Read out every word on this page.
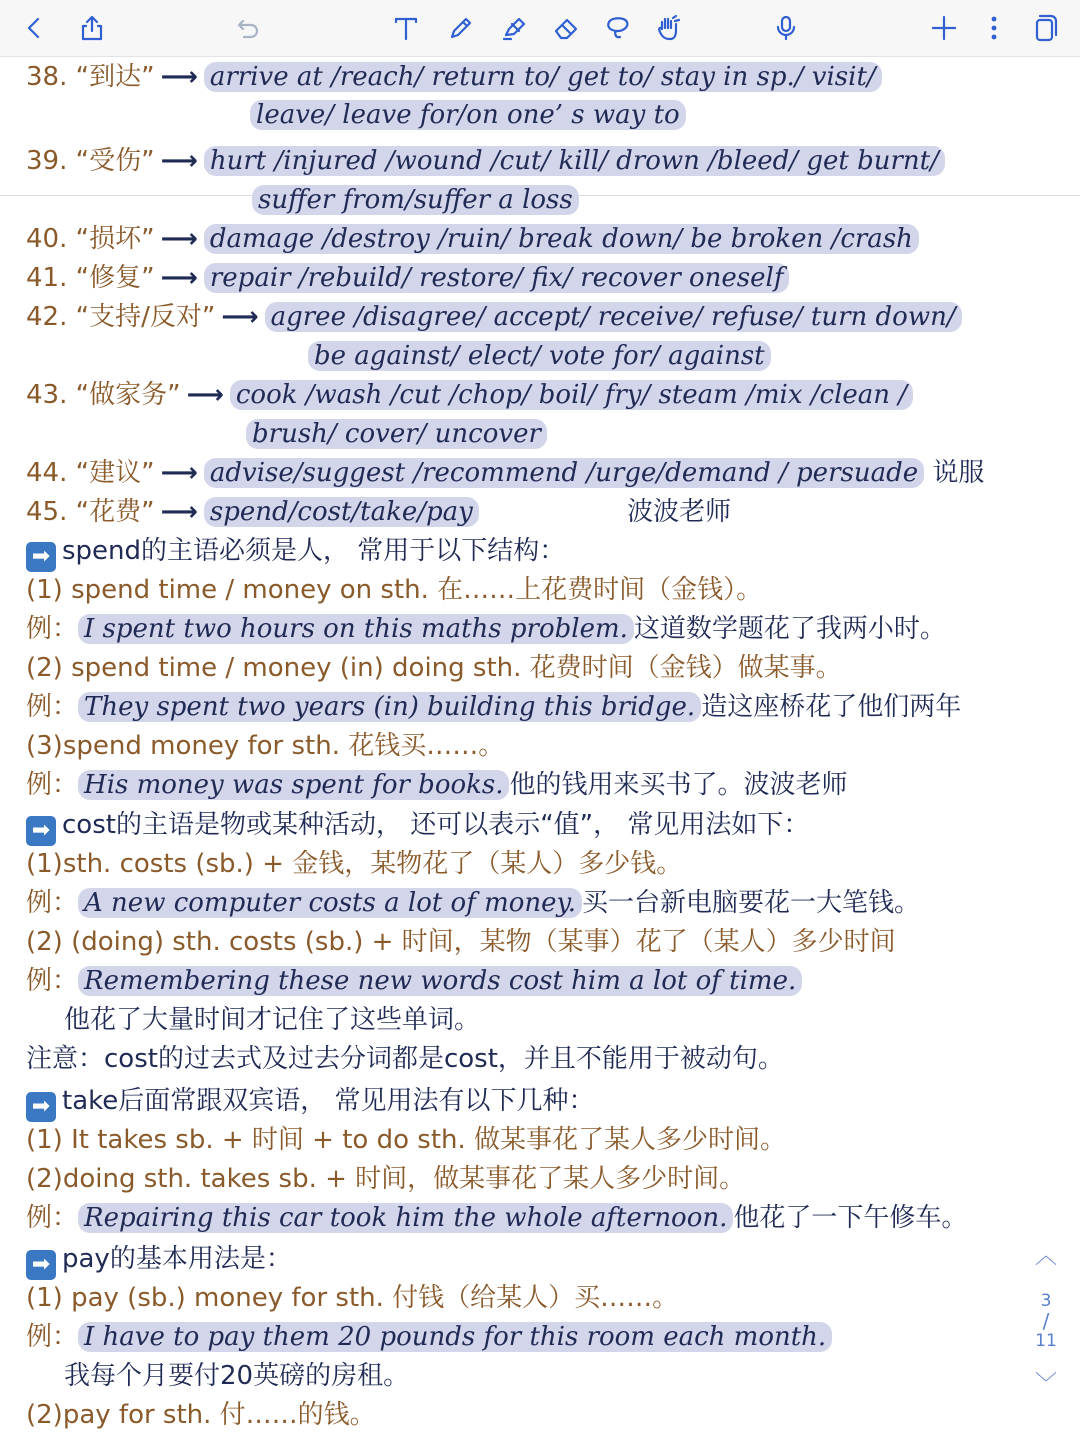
38. “到达” ⟶ arrive at /reach/ return to/ get to/ stay in sp./ visit/
leave/ leave for/on one’ s way to
39. “受伤” ⟶ hurt /injured /wound /cut/ kill/ drown /bleed/ get burnt/
suffer from/suffer a loss
40. “损坏” ⟶ damage /destroy /ruin/ break down/ be broken /crash
41. “修复” ⟶ repair /rebuild/ restore/ fix/ recover oneself
42. “支持/反对” ⟶ agree /disagree/ accept/ receive/ refuse/ turn down/
be against/ elect/ vote for/ against
43. “做家务” ⟶ cook /wash /cut /chop/ boil/ fry/ steam /mix /clean /
brush/ cover/ uncover
44. “建议” ⟶ advise/suggest /recommend /urge/demand / persuade 说服
45. “花费” ⟶ spend/cost/take/pay	波波老师
➡ spend的主语必须是人， 常用于以下结构：
(1) spend time / money on sth. 在……上花费时间（金钱）。
例： I spent two hours on this maths problem. 这道数学题花了我两小时。
(2) spend time / money (in) doing sth. 花费时间（金钱）做某事。
例： They spent two years (in) building this bridge. 造这座桥花了他们两年
(3)spend money for sth. 花钱买……。
例： His money was spent for books. 他的钱用来买书了。波波老师
➡ cost的主语是物或某种活动， 还可以表示“值”， 常见用法如下：
(1)sth. costs (sb.) + 金钱，某物花了（某人）多少钱。
例： A new computer costs a lot of money. 买一台新电脑要花一大笔钱。
(2) (doing) sth. costs (sb.) + 时间，某物（某事）花了（某人）多少时间
例： Remembering these new words cost him a lot of time.
他花了大量时间才记住了这些单词。
注意：cost的过去式及过去分词都是cost，并且不能用于被动句。
➡ take后面常跟双宾语， 常见用法有以下几种：
(1) It takes sb. + 时间 + to do sth. 做某事花了某人多少时间。
(2)doing sth. takes sb. + 时间，做某事花了某人多少时间。
例： Repairing this car took him the whole afternoon. 他花了一下午修车。
➡ pay的基本用法是：
(1) pay (sb.) money for sth. 付钱（给某人）买……。
例： I have to pay them 20 pounds for this room each month.
我每个月要付20英磅的房租。
(2)pay for sth. 付……的钱。
︿
3
/
11
﹀
